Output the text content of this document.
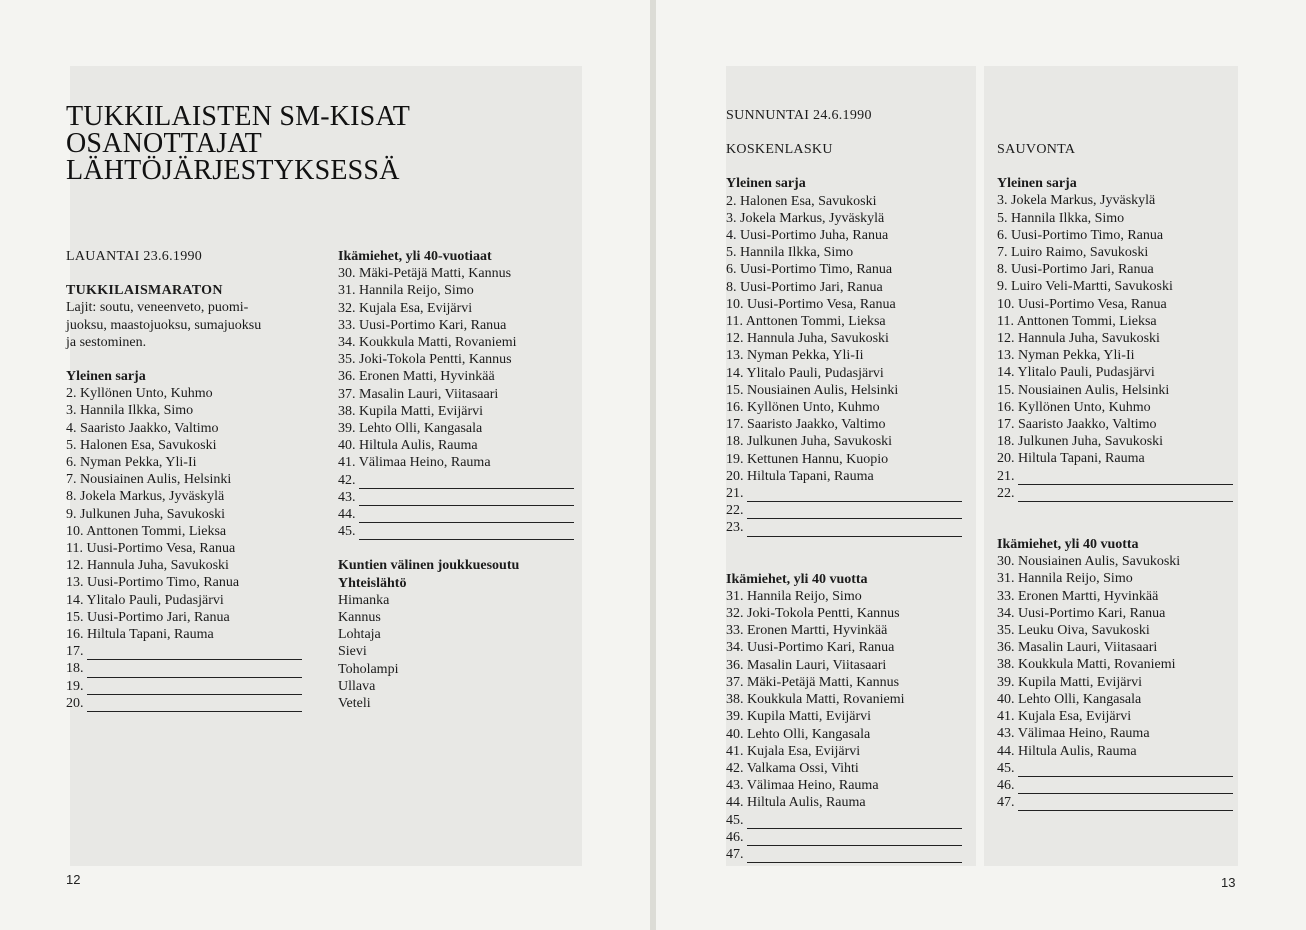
TUKKILAISTEN SM-KISAT
OSANOTTAJAT
LÄHTÖJÄRJESTYKSESSÄ
LAUANTAI 23.6.1990
TUKKILAISMARATON
Lajit: soutu, veneenveto, puomi-
juoksu, maastojuoksu, sumajuoksu
ja sestominen.
Yleinen sarja
2. Kyllönen Unto, Kuhmo
3. Hannila Ilkka, Simo
4. Saaristo Jaakko, Valtimo
5. Halonen Esa, Savukoski
6. Nyman Pekka, Yli-Ii
7. Nousiainen Aulis, Helsinki
8. Jokela Markus, Jyväskylä
9. Julkunen Juha, Savukoski
10. Anttonen Tommi, Lieksa
11. Uusi-Portimo Vesa, Ranua
12. Hannula Juha, Savukoski
13. Uusi-Portimo Timo, Ranua
14. Ylitalo Pauli, Pudasjärvi
15. Uusi-Portimo Jari, Ranua
16. Hiltula Tapani, Rauma
17.
18.
19.
20.
Ikämiehet, yli 40-vuotiaat
30. Mäki-Petäjä Matti, Kannus
31. Hannila Reijo, Simo
32. Kujala Esa, Evijärvi
33. Uusi-Portimo Kari, Ranua
34. Koukkula Matti, Rovaniemi
35. Joki-Tokola Pentti, Kannus
36. Eronen Matti, Hyvinkää
37. Masalin Lauri, Viitasaari
38. Kupila Matti, Evijärvi
39. Lehto Olli, Kangasala
40. Hiltula Aulis, Rauma
41. Välimaa Heino, Rauma
42.
43.
44.
45.
Kuntien välinen joukkuesoutu
Yhteislähtö
Himanka
Kannus
Lohtaja
Sievi
Toholampi
Ullava
Veteli
12
SUNNUNTAI 24.6.1990
KOSKENLASKU
Yleinen sarja
2. Halonen Esa, Savukoski
3. Jokela Markus, Jyväskylä
4. Uusi-Portimo Juha, Ranua
5. Hannila Ilkka, Simo
6. Uusi-Portimo Timo, Ranua
8. Uusi-Portimo Jari, Ranua
10. Uusi-Portimo Vesa, Ranua
11. Anttonen Tommi, Lieksa
12. Hannula Juha, Savukoski
13. Nyman Pekka, Yli-Ii
14. Ylitalo Pauli, Pudasjärvi
15. Nousiainen Aulis, Helsinki
16. Kyllönen Unto, Kuhmo
17. Saaristo Jaakko, Valtimo
18. Julkunen Juha, Savukoski
19. Kettunen Hannu, Kuopio
20. Hiltula Tapani, Rauma
21.
22.
23.
Ikämiehet, yli 40 vuotta
31. Hannila Reijo, Simo
32. Joki-Tokola Pentti, Kannus
33. Eronen Martti, Hyvinkää
34. Uusi-Portimo Kari, Ranua
36. Masalin Lauri, Viitasaari
37. Mäki-Petäjä Matti, Kannus
38. Koukkula Matti, Rovaniemi
39. Kupila Matti, Evijärvi
40. Lehto Olli, Kangasala
41. Kujala Esa, Evijärvi
42. Valkama Ossi, Vihti
43. Välimaa Heino, Rauma
44. Hiltula Aulis, Rauma
45.
46.
47.
SAUVONTA
Yleinen sarja
3. Jokela Markus, Jyväskylä
5. Hannila Ilkka, Simo
6. Uusi-Portimo Timo, Ranua
7. Luiro Raimo, Savukoski
8. Uusi-Portimo Jari, Ranua
9. Luiro Veli-Martti, Savukoski
10. Uusi-Portimo Vesa, Ranua
11. Anttonen Tommi, Lieksa
12. Hannula Juha, Savukoski
13. Nyman Pekka, Yli-Ii
14. Ylitalo Pauli, Pudasjärvi
15. Nousiainen Aulis, Helsinki
16. Kyllönen Unto, Kuhmo
17. Saaristo Jaakko, Valtimo
18. Julkunen Juha, Savukoski
20. Hiltula Tapani, Rauma
21.
22.
Ikämiehet, yli 40 vuotta
30. Nousiainen Aulis, Savukoski
31. Hannila Reijo, Simo
33. Eronen Martti, Hyvinkää
34. Uusi-Portimo Kari, Ranua
35. Leuku Oiva, Savukoski
36. Masalin Lauri, Viitasaari
38. Koukkula Matti, Rovaniemi
39. Kupila Matti, Evijärvi
40. Lehto Olli, Kangasala
41. Kujala Esa, Evijärvi
43. Välimaa Heino, Rauma
44. Hiltula Aulis, Rauma
45.
46.
47.
13
